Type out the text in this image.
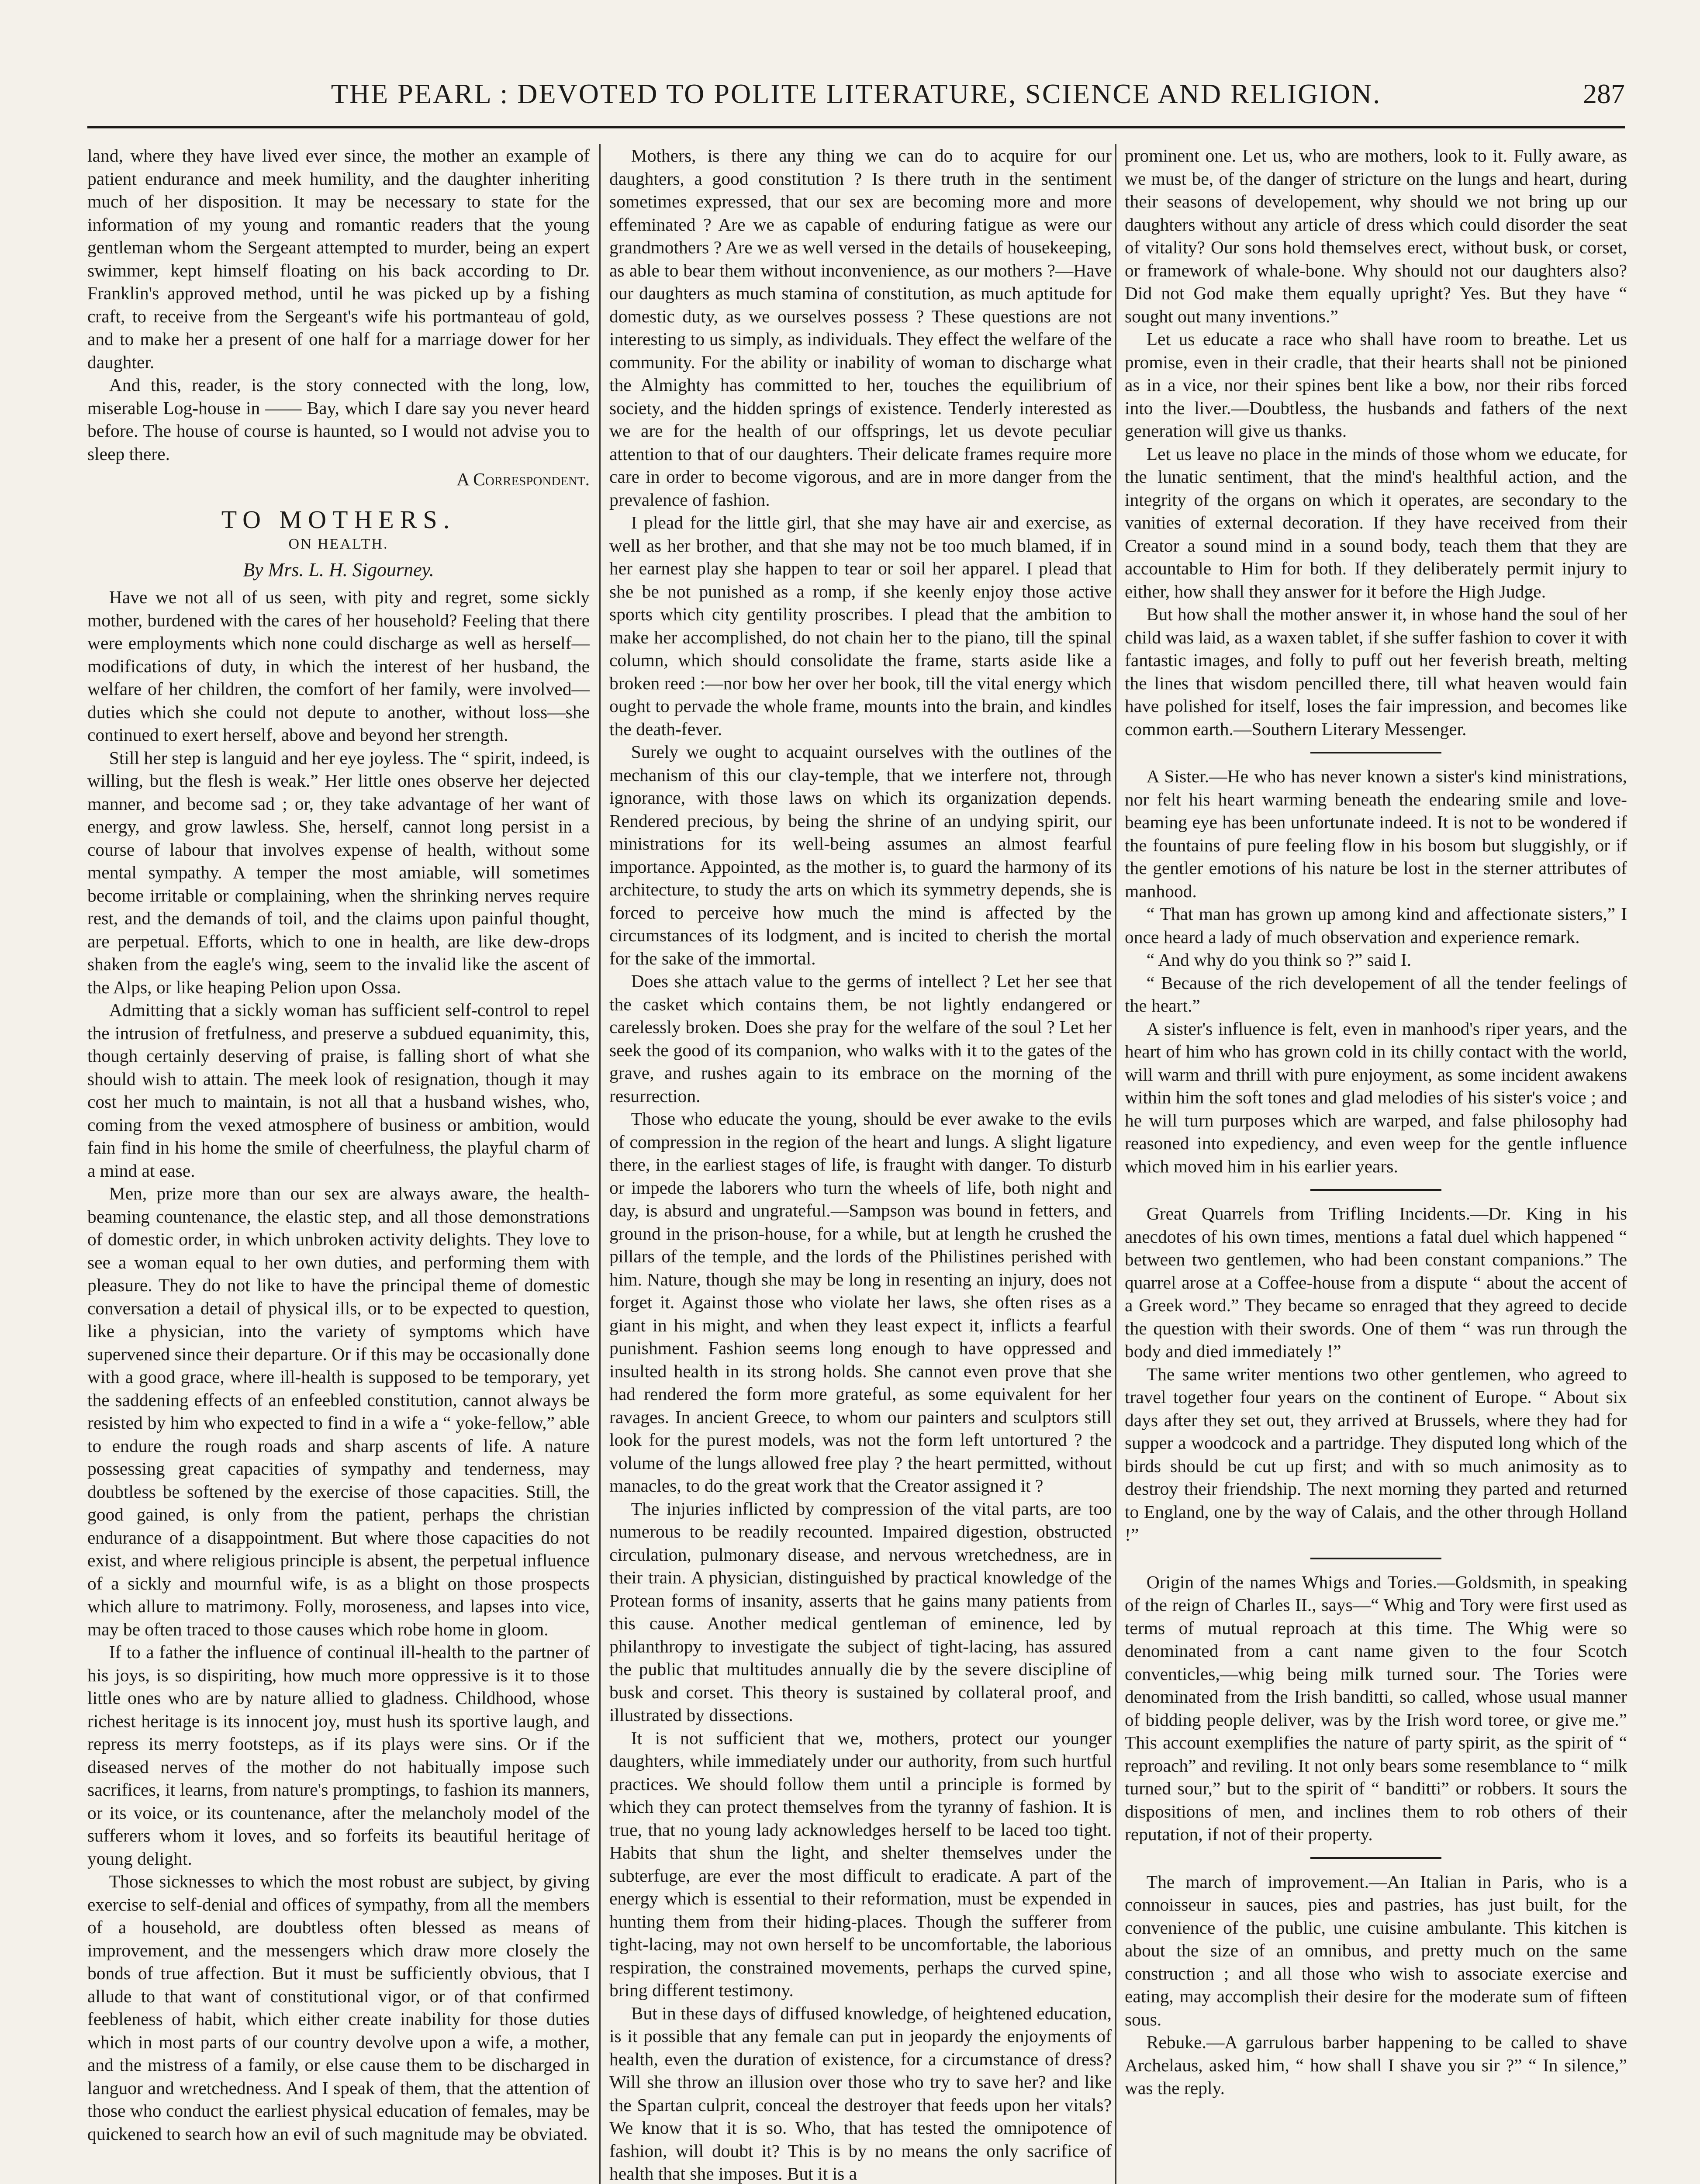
THE PEARL : DEVOTED TO POLITE LITERATURE, SCIENCE AND RELIGION.	287

land, where they have lived ever since, the mother an example of patient endurance and meek humility, and the daughter inheriting much of her disposition. It may be necessary to state for the information of my young and romantic readers that the young gentleman whom the Sergeant attempted to murder, being an expert swimmer, kept himself floating on his back according to Dr. Franklin's approved method, until he was picked up by a fishing craft, to receive from the Sergeant's wife his portmanteau of gold, and to make her a present of one half for a marriage dower for her daughter.

And this, reader, is the story connected with the long, low, miserable Log-house in —— Bay, which I dare say you never heard before. The house of course is haunted, so I would not advise you to sleep there.

A Correspondent.
TO MOTHERS.
ON HEALTH.
By Mrs. L. H. Sigourney.

Have we not all of us seen, with pity and regret, some sickly mother, burdened with the cares of her household? Feeling that there were employments which none could discharge as well as herself—modifications of duty, in which the interest of her husband, the welfare of her children, the comfort of her family, were involved—duties which she could not depute to another, without loss—she continued to exert herself, above and beyond her strength.

Still her step is languid and her eye joyless. The “ spirit, indeed, is willing, but the flesh is weak.” Her little ones observe her dejected manner, and become sad ; or, they take advantage of her want of energy, and grow lawless. She, herself, cannot long persist in a course of labour that involves expense of health, without some mental sympathy. A temper the most amiable, will sometimes become irritable or complaining, when the shrinking nerves require rest, and the demands of toil, and the claims upon painful thought, are perpetual. Efforts, which to one in health, are like dew-drops shaken from the eagle's wing, seem to the invalid like the ascent of the Alps, or like heaping Pelion upon Ossa.

Admitting that a sickly woman has sufficient self-control to repel the intrusion of fretfulness, and preserve a subdued equanimity, this, though certainly deserving of praise, is falling short of what she should wish to attain. The meek look of resignation, though it may cost her much to maintain, is not all that a husband wishes, who, coming from the vexed atmosphere of business or ambition, would fain find in his home the smile of cheerfulness, the playful charm of a mind at ease.

Men, prize more than our sex are always aware, the health-beaming countenance, the elastic step, and all those demonstrations of domestic order, in which unbroken activity delights. They love to see a woman equal to her own duties, and performing them with pleasure. They do not like to have the principal theme of domestic conversation a detail of physical ills, or to be expected to question, like a physician, into the variety of symptoms which have supervened since their departure. Or if this may be occasionally done with a good grace, where ill-health is supposed to be temporary, yet the saddening effects of an enfeebled constitution, cannot always be resisted by him who expected to find in a wife a “ yoke-fellow,” able to endure the rough roads and sharp ascents of life. A nature possessing great capacities of sympathy and tenderness, may doubtless be softened by the exercise of those capacities. Still, the good gained, is only from the patient, perhaps the christian endurance of a disappointment. But where those capacities do not exist, and where religious principle is absent, the perpetual influence of a sickly and mournful wife, is as a blight on those prospects which allure to matrimony. Folly, moroseness, and lapses into vice, may be often traced to those causes which robe home in gloom.

If to a father the influence of continual ill-health to the partner of his joys, is so dispiriting, how much more oppressive is it to those little ones who are by nature allied to gladness. Childhood, whose richest heritage is its innocent joy, must hush its sportive laugh, and repress its merry footsteps, as if its plays were sins. Or if the diseased nerves of the mother do not habitually impose such sacrifices, it learns, from nature's promptings, to fashion its manners, or its voice, or its countenance, after the melancholy model of the sufferers whom it loves, and so forfeits its beautiful heritage of young delight.

Those sicknesses to which the most robust are subject, by giving exercise to self-denial and offices of sympathy, from all the members of a household, are doubtless often blessed as means of improvement, and the messengers which draw more closely the bonds of true affection. But it must be sufficiently obvious, that I allude to that want of constitutional vigor, or of that confirmed feebleness of habit, which either create inability for those duties which in most parts of our country devolve upon a wife, a mother, and the mistress of a family, or else cause them to be discharged in languor and wretchedness. And I speak of them, that the attention of those who conduct the earliest physical education of females, may be quickened to search how an evil of such magnitude may be obviated.

Mothers, is there any thing we can do to acquire for our daughters, a good constitution ? Is there truth in the sentiment sometimes expressed, that our sex are becoming more and more effeminated ? Are we as capable of enduring fatigue as were our grandmothers ? Are we as well versed in the details of housekeeping, as able to bear them without inconvenience, as our mothers ?—Have our daughters as much stamina of constitution, as much aptitude for domestic duty, as we ourselves possess ? These questions are not interesting to us simply, as individuals. They effect the welfare of the community. For the ability or inability of woman to discharge what the Almighty has committed to her, touches the equilibrium of society, and the hidden springs of existence. Tenderly interested as we are for the health of our offsprings, let us devote peculiar attention to that of our daughters. Their delicate frames require more care in order to become vigorous, and are in more danger from the prevalence of fashion.

I plead for the little girl, that she may have air and exercise, as well as her brother, and that she may not be too much blamed, if in her earnest play she happen to tear or soil her apparel. I plead that she be not punished as a romp, if she keenly enjoy those active sports which city gentility proscribes. I plead that the ambition to make her accomplished, do not chain her to the piano, till the spinal column, which should consolidate the frame, starts aside like a broken reed :—nor bow her over her book, till the vital energy which ought to pervade the whole frame, mounts into the brain, and kindles the death-fever.

Surely we ought to acquaint ourselves with the outlines of the mechanism of this our clay-temple, that we interfere not, through ignorance, with those laws on which its organization depends. Rendered precious, by being the shrine of an undying spirit, our ministrations for its well-being assumes an almost fearful importance. Appointed, as the mother is, to guard the harmony of its architecture, to study the arts on which its symmetry depends, she is forced to perceive how much the mind is affected by the circumstances of its lodgment, and is incited to cherish the mortal for the sake of the immortal.

Does she attach value to the germs of intellect ? Let her see that the casket which contains them, be not lightly endangered or carelessly broken. Does she pray for the welfare of the soul ? Let her seek the good of its companion, who walks with it to the gates of the grave, and rushes again to its embrace on the morning of the resurrection.

Those who educate the young, should be ever awake to the evils of compression in the region of the heart and lungs. A slight ligature there, in the earliest stages of life, is fraught with danger. To disturb or impede the laborers who turn the wheels of life, both night and day, is absurd and ungrateful.—Sampson was bound in fetters, and ground in the prison-house, for a while, but at length he crushed the pillars of the temple, and the lords of the Philistines perished with him. Nature, though she may be long in resenting an injury, does not forget it. Against those who violate her laws, she often rises as a giant in his might, and when they least expect it, inflicts a fearful punishment. Fashion seems long enough to have oppressed and insulted health in its strong holds. She cannot even prove that she had rendered the form more grateful, as some equivalent for her ravages. In ancient Greece, to whom our painters and sculptors still look for the purest models, was not the form left untortured ? the volume of the lungs allowed free play ? the heart permitted, without manacles, to do the great work that the Creator assigned it ?

The injuries inflicted by compression of the vital parts, are too numerous to be readily recounted. Impaired digestion, obstructed circulation, pulmonary disease, and nervous wretchedness, are in their train. A physician, distinguished by practical knowledge of the Protean forms of insanity, asserts that he gains many patients from this cause. Another medical gentleman of eminence, led by philanthropy to investigate the subject of tight-lacing, has assured the public that multitudes annually die by the severe discipline of busk and corset. This theory is sustained by collateral proof, and illustrated by dissections.

It is not sufficient that we, mothers, protect our younger daughters, while immediately under our authority, from such hurtful practices. We should follow them until a principle is formed by which they can protect themselves from the tyranny of fashion. It is true, that no young lady acknowledges herself to be laced too tight. Habits that shun the light, and shelter themselves under the subterfuge, are ever the most difficult to eradicate. A part of the energy which is essential to their reformation, must be expended in hunting them from their hiding-places. Though the sufferer from tight-lacing, may not own herself to be uncomfortable, the laborious respiration, the constrained movements, perhaps the curved spine, bring different testimony.

But in these days of diffused knowledge, of heightened education, is it possible that any female can put in jeopardy the enjoyments of health, even the duration of existence, for a circumstance of dress? Will she throw an illusion over those who try to save her? and like the Spartan culprit, conceal the destroyer that feeds upon her vitals? We know that it is so. Who, that has tested the omnipotence of fashion, will doubt it? This is by no means the only sacrifice of health that she imposes. But it is a

prominent one. Let us, who are mothers, look to it. Fully aware, as we must be, of the danger of stricture on the lungs and heart, during their seasons of developement, why should we not bring up our daughters without any article of dress which could disorder the seat of vitality? Our sons hold themselves erect, without busk, or corset, or framework of whale-bone. Why should not our daughters also? Did not God make them equally upright? Yes. But they have “ sought out many inventions.”

Let us educate a race who shall have room to breathe. Let us promise, even in their cradle, that their hearts shall not be pinioned as in a vice, nor their spines bent like a bow, nor their ribs forced into the liver.—Doubtless, the husbands and fathers of the next generation will give us thanks.

Let us leave no place in the minds of those whom we educate, for the lunatic sentiment, that the mind's healthful action, and the integrity of the organs on which it operates, are secondary to the vanities of external decoration. If they have received from their Creator a sound mind in a sound body, teach them that they are accountable to Him for both. If they deliberately permit injury to either, how shall they answer for it before the High Judge.

But how shall the mother answer it, in whose hand the soul of her child was laid, as a waxen tablet, if she suffer fashion to cover it with fantastic images, and folly to puff out her feverish breath, melting the lines that wisdom pencilled there, till what heaven would fain have polished for itself, loses the fair impression, and becomes like common earth.—Southern Literary Messenger.

A Sister.—He who has never known a sister's kind ministrations, nor felt his heart warming beneath the endearing smile and love-beaming eye has been unfortunate indeed. It is not to be wondered if the fountains of pure feeling flow in his bosom but sluggishly, or if the gentler emotions of his nature be lost in the sterner attributes of manhood.

“ That man has grown up among kind and affectionate sisters,” I once heard a lady of much observation and experience remark.

“ And why do you think so ?” said I.

“ Because of the rich developement of all the tender feelings of the heart.”

A sister's influence is felt, even in manhood's riper years, and the heart of him who has grown cold in its chilly contact with the world, will warm and thrill with pure enjoyment, as some incident awakens within him the soft tones and glad melodies of his sister's voice ; and he will turn purposes which are warped, and false philosophy had reasoned into expediency, and even weep for the gentle influence which moved him in his earlier years.

Great Quarrels from Trifling Incidents.—Dr. King in his anecdotes of his own times, mentions a fatal duel which happened “ between two gentlemen, who had been constant companions.” The quarrel arose at a Coffee-house from a dispute “ about the accent of a Greek word.” They became so enraged that they agreed to decide the question with their swords. One of them “ was run through the body and died immediately !”

The same writer mentions two other gentlemen, who agreed to travel together four years on the continent of Europe. “ About six days after they set out, they arrived at Brussels, where they had for supper a woodcock and a partridge. They disputed long which of the birds should be cut up first; and with so much animosity as to destroy their friendship. The next morning they parted and returned to England, one by the way of Calais, and the other through Holland !”

Origin of the names Whigs and Tories.—Goldsmith, in speaking of the reign of Charles II., says—“ Whig and Tory were first used as terms of mutual reproach at this time. The Whig were so denominated from a cant name given to the four Scotch conventicles,—whig being milk turned sour. The Tories were denominated from the Irish banditti, so called, whose usual manner of bidding people deliver, was by the Irish word toree, or give me.” This account exemplifies the nature of party spirit, as the spirit of “ reproach” and reviling. It not only bears some resemblance to “ milk turned sour,” but to the spirit of “ banditti” or robbers. It sours the dispositions of men, and inclines them to rob others of their reputation, if not of their property.

The march of improvement.—An Italian in Paris, who is a connoisseur in sauces, pies and pastries, has just built, for the convenience of the public, une cuisine ambulante. This kitchen is about the size of an omnibus, and pretty much on the same construction ; and all those who wish to associate exercise and eating, may accomplish their desire for the moderate sum of fifteen sous.

Rebuke.—A garrulous barber happening to be called to shave Archelaus, asked him, “ how shall I shave you sir ?” “ In silence,” was the reply.
